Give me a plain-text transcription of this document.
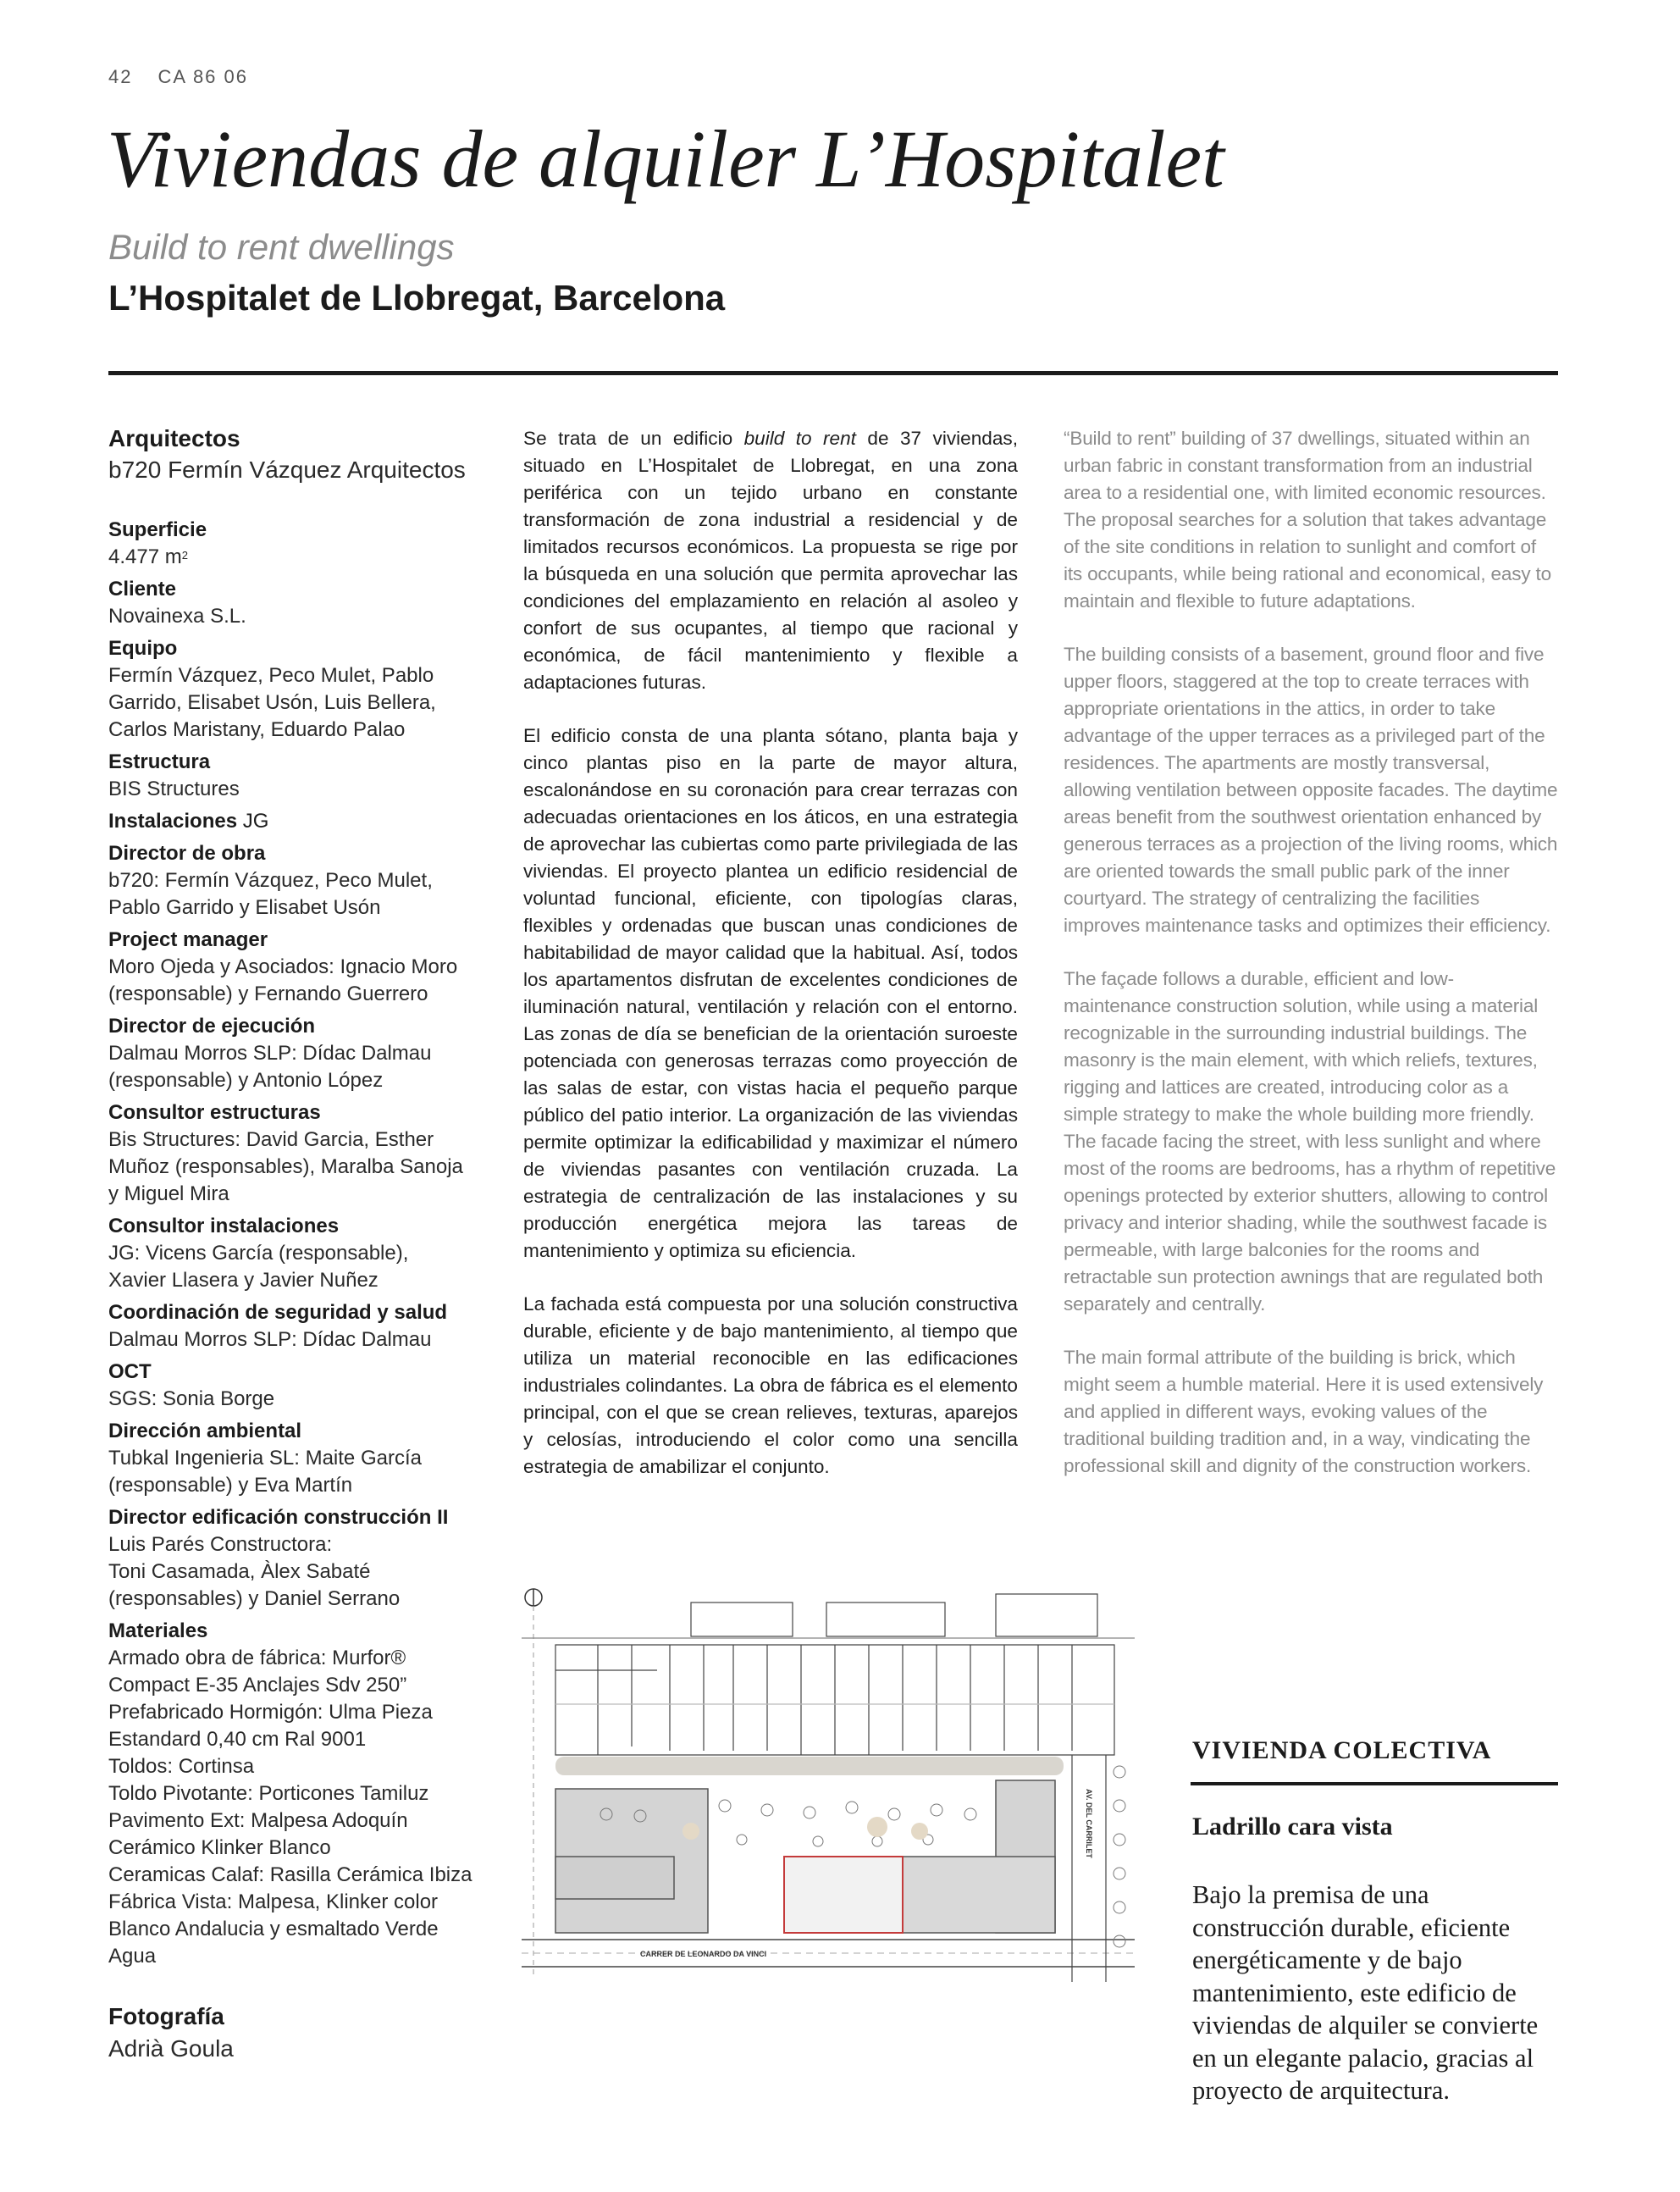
42 CA 86 06
Viviendas de alquiler L’Hospitalet
Build to rent dwellings
L’Hospitalet de Llobregat, Barcelona
Arquitectos
b720 Fermín Vázquez Arquitectos
Superficie
4.477 $m^2$
Cliente
Novainexa S.L.
Equipo
Fermín Vázquez, Peco Mulet, Pablo
Garrido, Elisabet Usón, Luis Bellera,
Carlos Maristany, Eduardo Palao
Estructura
BIS Structures
Instalaciones JG
Director de obra
b720: Fermín Vázquez, Peco Mulet,
Pablo Garrido y Elisabet Usón
Project manager
Moro Ojeda y Asociados: Ignacio Moro
(responsable) y Fernando Guerrero
Director de ejecución
Dalmau Morros SLP: Dídac Dalmau
(responsable) y Antonio López
Consultor estructuras
Bis Structures: David Garcia, Esther
Muñoz (responsables), Maralba Sanoja
y Miguel Mira
Consultor instalaciones
JG: Vicens García (responsable),
Xavier Llasera y Javier Nuñez
Coordinación de seguridad y salud
Dalmau Morros SLP: Dídac Dalmau
OCT
SGS: Sonia Borge
Dirección ambiental
Tubkal Ingenieria SL: Maite García
(responsable) y Eva Martín
Director edificación construcción II
Luis Parés Constructora:
Toni Casamada, Àlex Sabaté
(responsables) y Daniel Serrano
Materiales
Armado obra de fábrica: Murfor®
Compact E-35 Anclajes Sdv 250”
Prefabricado Hormigón: Ulma Pieza
Estandard 0,40 cm Ral 9001
Toldos: Cortinsa
Toldo Pivotante: Porticones Tamiluz
Pavimento Ext: Malpesa Adoquín
Cerámico Klinker Blanco
Ceramicas Calaf: Rasilla Cerámica Ibiza
Fábrica Vista: Malpesa, Klinker color
Blanco Andalucia y esmaltado Verde
Agua
Fotografía
Adrià Goula

Se trata de un edificio build to rent de 37 viviendas, situado en L’Hospitalet de Llobregat, en una zona periférica con un tejido urbano en constante transformación de zona industrial a residencial y de limitados recursos económicos. La propuesta se rige por la búsqueda en una solución que permita aprovechar las condiciones del emplazamiento en relación al asoleo y confort de sus ocupantes, al tiempo que racional y económica, de fácil mantenimiento y flexible a adaptaciones futuras.

El edificio consta de una planta sótano, planta baja y cinco plantas piso en la parte de mayor altura, escalonándose en su coronación para crear terrazas con adecuadas orientaciones en los áticos, en una estrategia de aprovechar las cubiertas como parte privilegiada de las viviendas. El proyecto plantea un edificio residencial de voluntad funcional, eficiente, con tipologías claras, flexibles y ordenadas que buscan unas condiciones de habitabilidad de mayor calidad que la habitual. Así, todos los apartamentos disfrutan de excelentes condiciones de iluminación natural, ventilación y relación con el entorno. Las zonas de día se benefician de la orientación suroeste potenciada con generosas terrazas como proyección de las salas de estar, con vistas hacia el pequeño parque público del patio interior. La organización de las viviendas permite optimizar la edificabilidad y maximizar el número de viviendas pasantes con ventilación cruzada. La estrategia de centralización de las instalaciones y su producción energética mejora las tareas de mantenimiento y optimiza su eficiencia.

La fachada está compuesta por una solución constructiva durable, eficiente y de bajo mantenimiento, al tiempo que utiliza un material reconocible en las edificaciones industriales colindantes. La obra de fábrica es el elemento principal, con el que se crean relieves, texturas, aparejos y celosías, introduciendo el color como una sencilla estrategia de amabilizar el conjunto.

“Build to rent” building of 37 dwellings, situated within an urban fabric in constant transformation from an industrial area to a residential one, with limited economic resources. The proposal searches for a solution that takes advantage of the site conditions in relation to sunlight and comfort of its occupants, while being rational and economical, easy to maintain and flexible to future adaptations.

The building consists of a basement, ground floor and five upper floors, staggered at the top to create terraces with appropriate orientations in the attics, in order to take advantage of the upper terraces as a privileged part of the residences. The apartments are mostly transversal, allowing ventilation between opposite facades. The daytime areas benefit from the southwest orientation enhanced by generous terraces as a projection of the living rooms, which are oriented towards the small public park of the inner courtyard. The strategy of centralizing the facilities improves maintenance tasks and optimizes their efficiency.

The façade follows a durable, efficient and low-maintenance construction solution, while using a material recognizable in the surrounding industrial buildings. The masonry is the main element, with which reliefs, textures, rigging and lattices are created, introducing color as a simple strategy to make the whole building more friendly. The facade facing the street, with less sunlight and where most of the rooms are bedrooms, has a rhythm of repetitive openings protected by exterior shutters, allowing to control privacy and interior shading, while the southwest facade is permeable, with large balconies for the rooms and retractable sun protection awnings that are regulated both separately and centrally.

The main formal attribute of the building is brick, which might seem a humble material. Here it is used extensively and applied in different ways, evoking values of the traditional building tradition and, in a way, vindicating the professional skill and dignity of the construction workers.

CARRER DE LEONARDO DA VINCI
AV. DEL CARRILET
VIVIENDA COLECTIVA
Ladrillo cara vista
Bajo la premisa de una construcción durable, eficiente energéticamente y de bajo mantenimiento, este edificio de viviendas de alquiler se convierte en un elegante palacio, gracias al proyecto de arquitectura.
